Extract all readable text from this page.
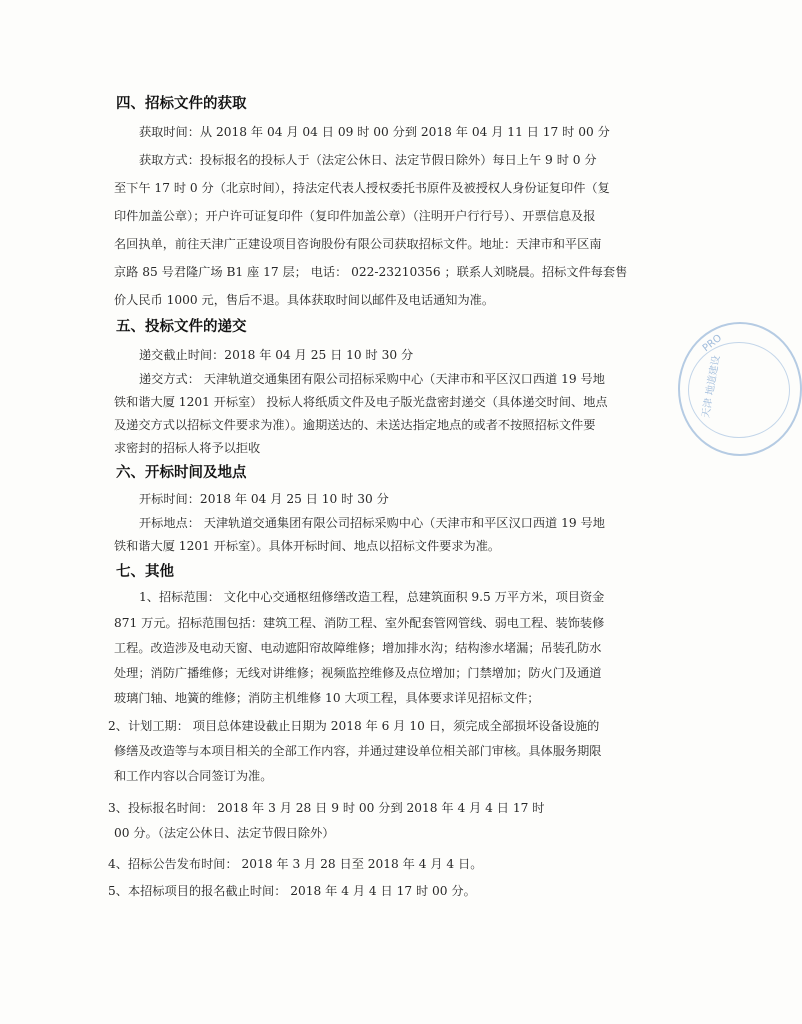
四、招标文件的获取
获取时间：从 2018 年 04 月 04 日 09 时 00 分到 2018 年 04 月 11 日 17 时 00 分
获取方式：投标报名的投标人于（法定公休日、法定节假日除外）每日上午 9 时 0 分
至下午 17 时 0 分（北京时间），持法定代表人授权委托书原件及被授权人身份证复印件（复
印件加盖公章）；开户许可证复印件（复印件加盖公章）（注明开户行行号）、开票信息及报
名回执单，前往天津广正建设项目咨询股份有限公司获取招标文件。地址：天津市和平区南
京路 85 号君隆广场 B1 座 17 层； 电话： 022-23210356 ；联系人刘晓晨。招标文件每套售
价人民币 1000 元，售后不退。具体获取时间以邮件及电话通知为准。
五、投标文件的递交
递交截止时间：2018 年 04 月 25 日 10 时 30 分
递交方式： 天津轨道交通集团有限公司招标采购中心（天津市和平区汉口西道 19 号地
铁和谐大厦 1201 开标室） 投标人将纸质文件及电子版光盘密封递交（具体递交时间、地点
及递交方式以招标文件要求为准）。逾期送达的、未送达指定地点的或者不按照招标文件要
求密封的招标人将予以拒收
六、开标时间及地点
开标时间：2018 年 04 月 25 日 10 时 30 分
开标地点： 天津轨道交通集团有限公司招标采购中心（天津市和平区汉口西道 19 号地
铁和谐大厦 1201 开标室）。具体开标时间、地点以招标文件要求为准。
七、其他
1、招标范围： 文化中心交通枢纽修缮改造工程，总建筑面积 9.5 万平方米，项目资金
871 万元。招标范围包括：建筑工程、消防工程、室外配套管网管线、弱电工程、装饰装修
工程。改造涉及电动天窗、电动遮阳帘故障维修；增加排水沟；结构渗水堵漏；吊装孔防水
处理；消防广播维修；无线对讲维修；视频监控维修及点位增加；门禁增加；防火门及通道
玻璃门轴、地簧的维修；消防主机维修 10 大项工程，具体要求详见招标文件；
2、计划工期： 项目总体建设截止日期为 2018 年 6 月 10 日，须完成全部损坏设备设施的
修缮及改造等与本项目相关的全部工作内容，并通过建设单位相关部门审核。具体服务期限
和工作内容以合同签订为准。
3、投标报名时间： 2018 年 3 月 28 日 9 时 00 分到 2018 年 4 月 4 日 17 时
00 分。（法定公休日、法定节假日除外）
4、招标公告发布时间： 2018 年 3 月 28 日至 2018 年 4 月 4 日。
5、本招标项目的报名截止时间： 2018 年 4 月 4 日 17 时 00 分。
PRO
天津 地道建设
